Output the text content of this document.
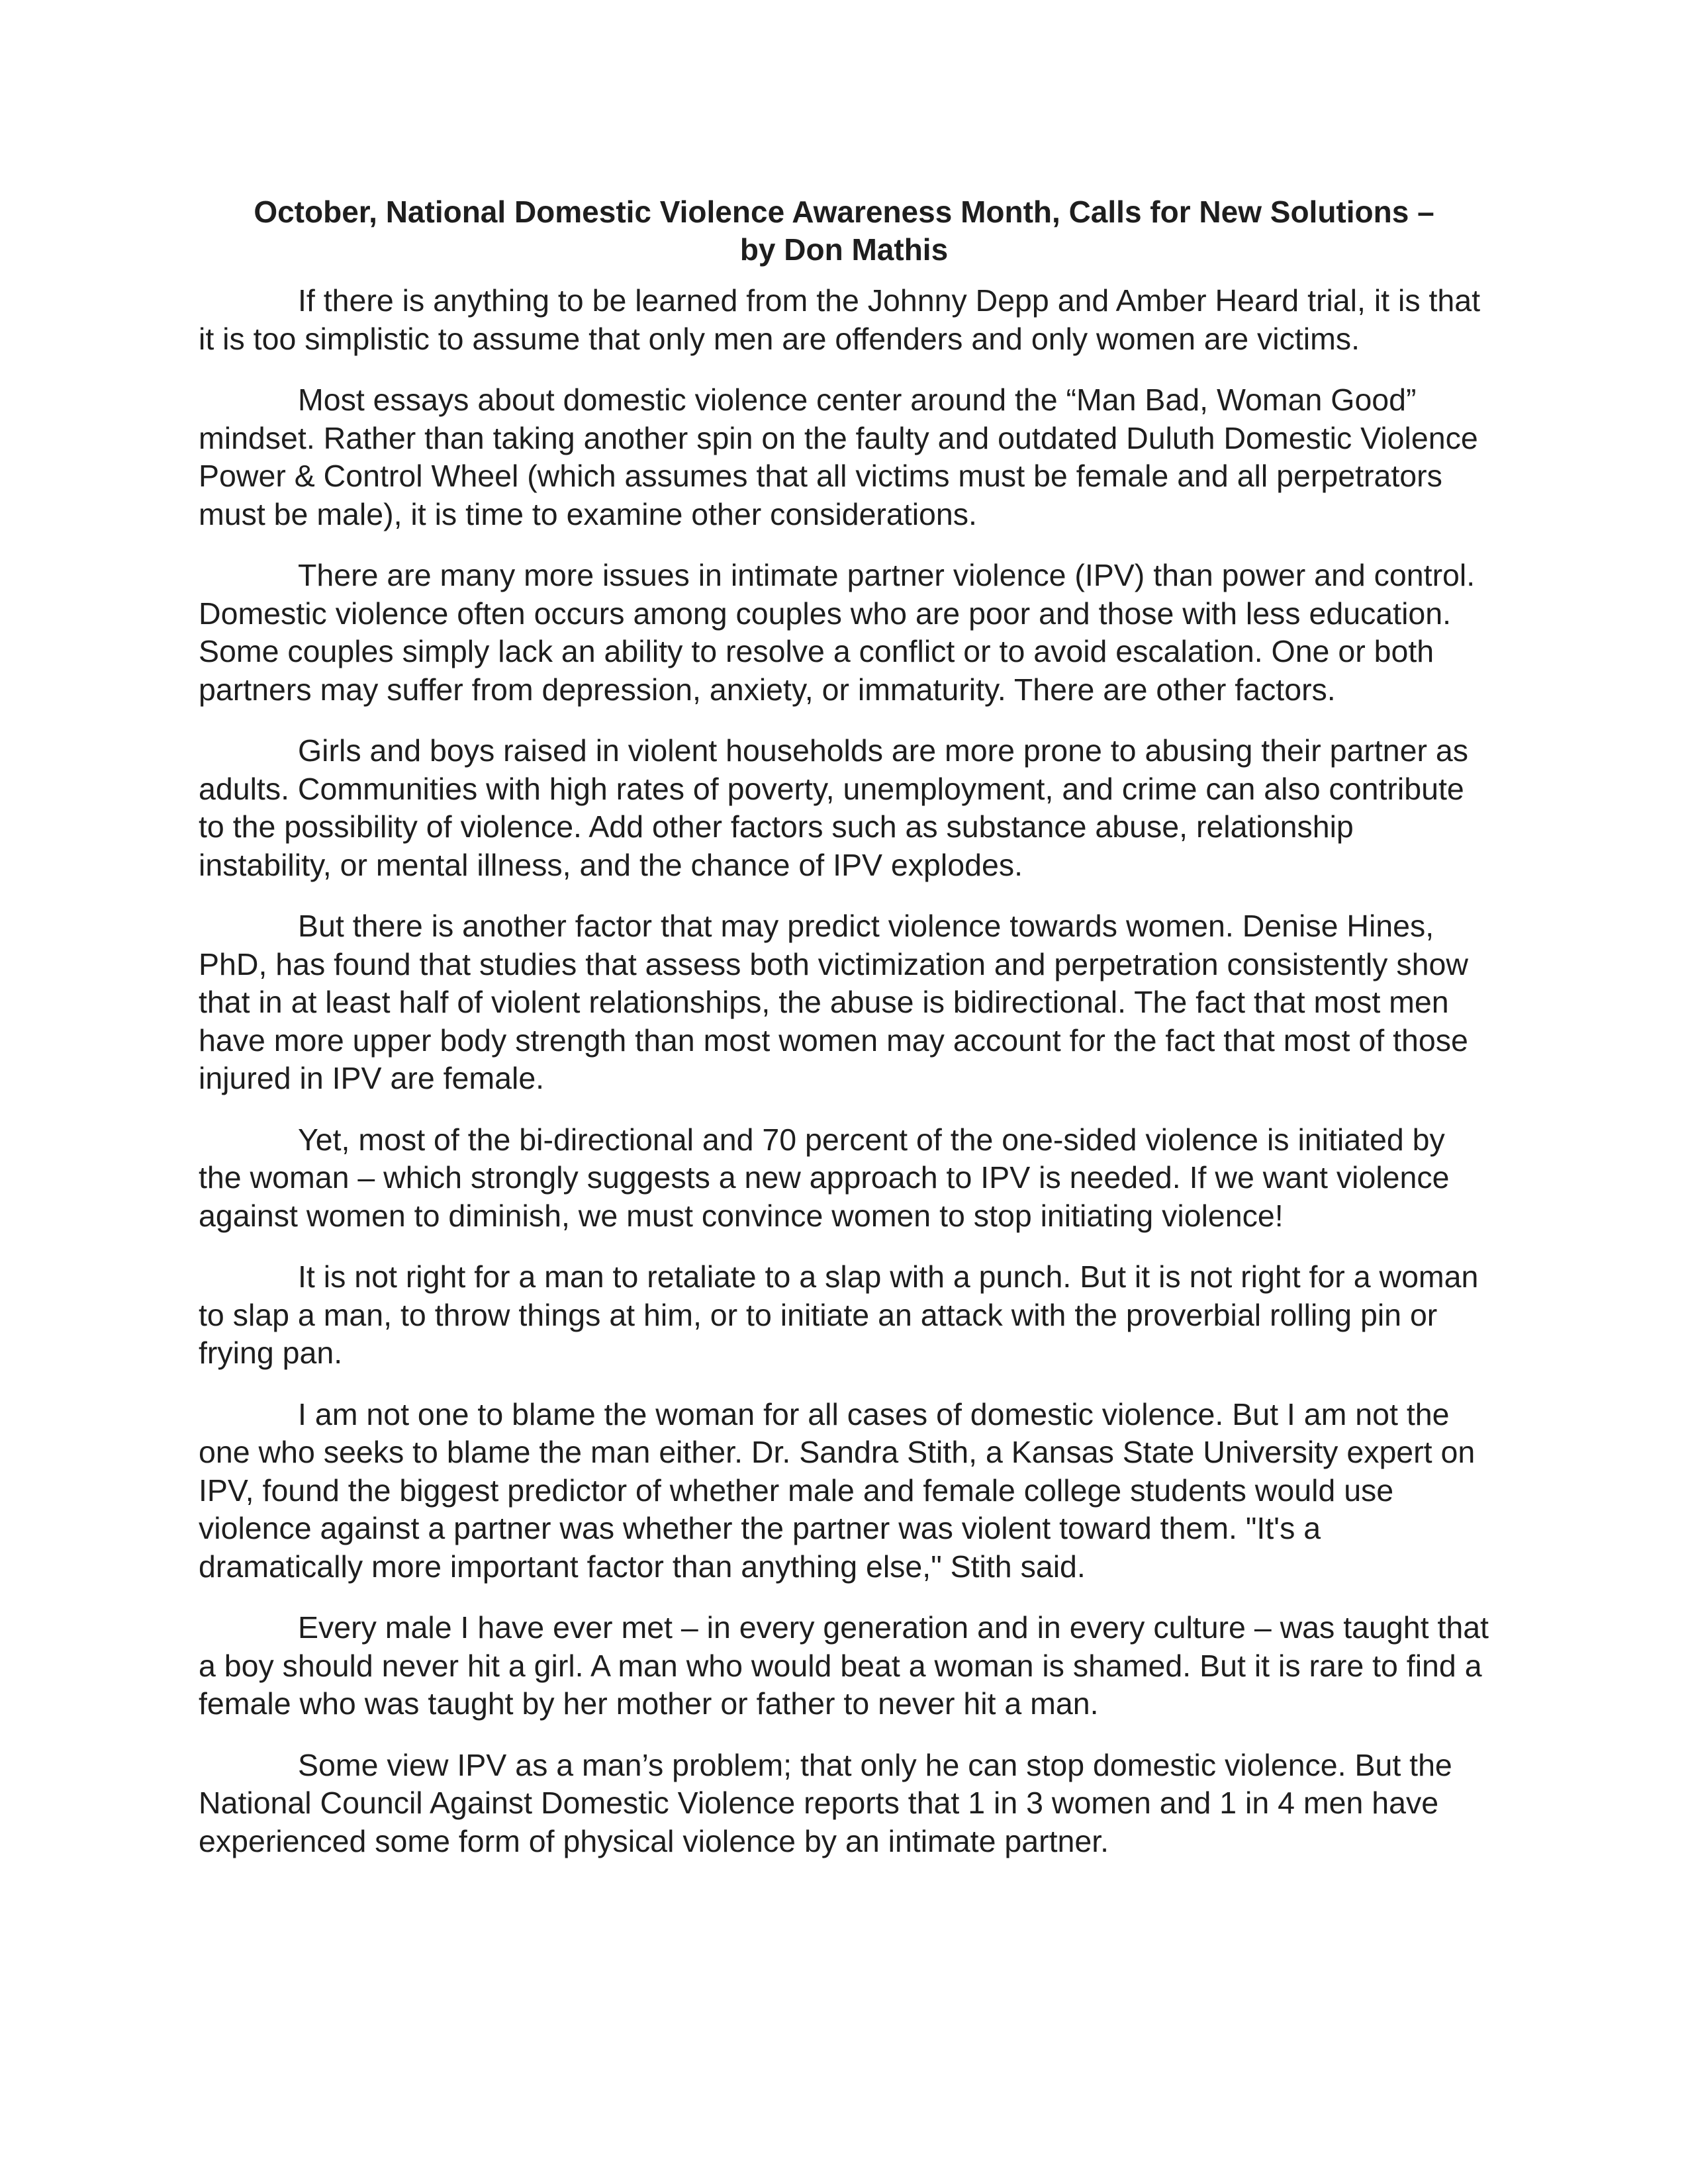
October, National Domestic Violence Awareness Month, Calls for New Solutions –
by Don Mathis

If there is anything to be learned from the Johnny Depp and Amber Heard trial, it is that it is too simplistic to assume that only men are offenders and only women are victims.

Most essays about domestic violence center around the “Man Bad, Woman Good” mindset. Rather than taking another spin on the faulty and outdated Duluth Domestic Violence Power & Control Wheel (which assumes that all victims must be female and all perpetrators must be male), it is time to examine other considerations.

There are many more issues in intimate partner violence (IPV) than power and control. Domestic violence often occurs among couples who are poor and those with less education. Some couples simply lack an ability to resolve a conflict or to avoid escalation. One or both partners may suffer from depression, anxiety, or immaturity. There are other factors.

Girls and boys raised in violent households are more prone to abusing their partner as adults. Communities with high rates of poverty, unemployment, and crime can also contribute to the possibility of violence. Add other factors such as substance abuse, relationship instability, or mental illness, and the chance of IPV explodes.

But there is another factor that may predict violence towards women. Denise Hines, PhD, has found that studies that assess both victimization and perpetration consistently show that in at least half of violent relationships, the abuse is bidirectional. The fact that most men have more upper body strength than most women may account for the fact that most of those injured in IPV are female.

Yet, most of the bi-directional and 70 percent of the one-sided violence is initiated by the woman – which strongly suggests a new approach to IPV is needed. If we want violence against women to diminish, we must convince women to stop initiating violence!

It is not right for a man to retaliate to a slap with a punch. But it is not right for a woman to slap a man, to throw things at him, or to initiate an attack with the proverbial rolling pin or frying pan.

I am not one to blame the woman for all cases of domestic violence. But I am not the one who seeks to blame the man either. Dr. Sandra Stith, a Kansas State University expert on IPV, found the biggest predictor of whether male and female college students would use violence against a partner was whether the partner was violent toward them. "It's a dramatically more important factor than anything else," Stith said.

Every male I have ever met – in every generation and in every culture – was taught that a boy should never hit a girl. A man who would beat a woman is shamed. But it is rare to find a female who was taught by her mother or father to never hit a man.

Some view IPV as a man’s problem; that only he can stop domestic violence. But the National Council Against Domestic Violence reports that 1 in 3 women and 1 in 4 men have experienced some form of physical violence by an intimate partner.
